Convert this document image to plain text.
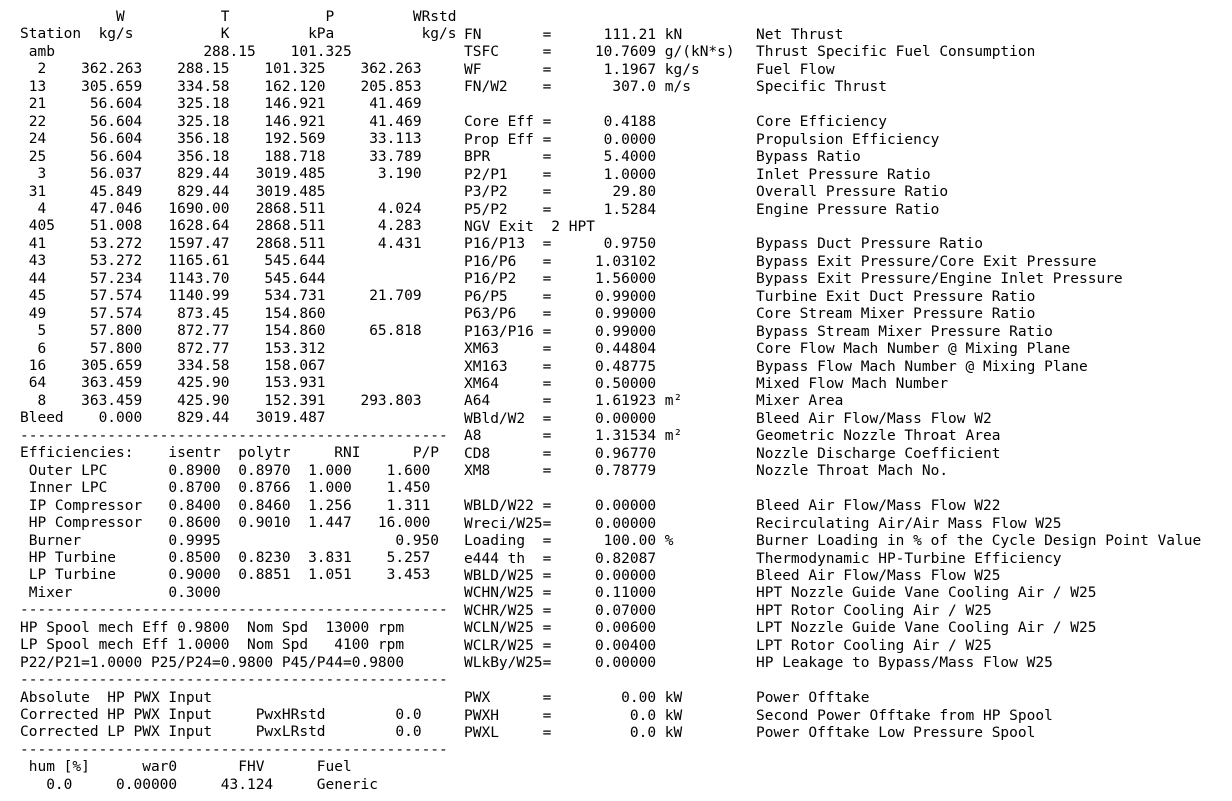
W           T           P         WRstd
Station  kg/s          K         kPa          kg/s
amb                 288.15    101.325
2    362.263    288.15    101.325    362.263
13    305.659    334.58    162.120    205.853
21     56.604    325.18    146.921     41.469
22     56.604    325.18    146.921     41.469
24     56.604    356.18    192.569     33.113
25     56.604    356.18    188.718     33.789
3     56.037    829.44   3019.485      3.190
31     45.849    829.44   3019.485
4     47.046   1690.00   2868.511      4.024
405    51.008   1628.64   2868.511      4.283
41     53.272   1597.47   2868.511      4.431
43     53.272   1165.61    545.644
44     57.234   1143.70    545.644
45     57.574   1140.99    534.731     21.709
49     57.574    873.45    154.860
5     57.800    872.77    154.860     65.818
6     57.800    872.77    153.312
16    305.659    334.58    158.067
64    363.459    425.90    153.931
8    363.459    425.90    152.391    293.803
Bleed    0.000    829.44   3019.487
-------------------------------------------------
Efficiencies:    isentr  polytr     RNI      P/P
Outer LPC       0.8900  0.8970  1.000    1.600
Inner LPC       0.8700  0.8766  1.000    1.450
IP Compressor   0.8400  0.8460  1.256    1.311
HP Compressor   0.8600  0.9010  1.447   16.000
Burner          0.9995                    0.950
HP Turbine      0.8500  0.8230  3.831    5.257
LP Turbine      0.9000  0.8851  1.051    3.453
Mixer           0.3000
-------------------------------------------------
HP Spool mech Eff 0.9800  Nom Spd  13000 rpm
LP Spool mech Eff 1.0000  Nom Spd   4100 rpm
P22/P21=1.0000 P25/P24=0.9800 P45/P44=0.9800
-------------------------------------------------
Absolute  HP PWX Input
Corrected HP PWX Input     PwxHRstd        0.0
Corrected LP PWX Input     PwxLRstd        0.0
-------------------------------------------------
hum [%]      war0       FHV      Fuel
0.0     0.00000     43.124     Generic
FN       =      111.21 kN
TSFC     =     10.7609 g/(kN*s)
WF       =      1.1967 kg/s
FN/W2    =       307.0 m/s
Core Eff =      0.4188
Prop Eff =      0.0000
BPR      =      5.4000
P2/P1    =      1.0000
P3/P2    =       29.80
P5/P2    =      1.5284
NGV Exit  2 HPT
P16/P13  =      0.9750
P16/P6   =     1.03102
P16/P2   =     1.56000
P6/P5    =     0.99000
P63/P6   =     0.99000
P163/P16 =     0.99000
XM63     =     0.44804
XM163    =     0.48775
XM64     =     0.50000
A64      =     1.61923 m²
WBld/W2  =     0.00000
A8       =     1.31534 m²
CD8      =     0.96770
XM8      =     0.78779
WBLD/W22 =     0.00000
Wreci/W25=     0.00000
Loading  =      100.00 %
e444 th  =     0.82087
WBLD/W25 =     0.00000
WCHN/W25 =     0.11000
WCHR/W25 =     0.07000
WCLN/W25 =     0.00600
WCLR/W25 =     0.00400
WLkBy/W25=     0.00000
PWX      =        0.00 kW
PWXH     =         0.0 kW
PWXL     =         0.0 kW
Net Thrust
Thrust Specific Fuel Consumption
Fuel Flow
Specific Thrust
Core Efficiency
Propulsion Efficiency
Bypass Ratio
Inlet Pressure Ratio
Overall Pressure Ratio
Engine Pressure Ratio
Bypass Duct Pressure Ratio
Bypass Exit Pressure/Core Exit Pressure
Bypass Exit Pressure/Engine Inlet Pressure
Turbine Exit Duct Pressure Ratio
Core Stream Mixer Pressure Ratio
Bypass Stream Mixer Pressure Ratio
Core Flow Mach Number @ Mixing Plane
Bypass Flow Mach Number @ Mixing Plane
Mixed Flow Mach Number
Mixer Area
Bleed Air Flow/Mass Flow W2
Geometric Nozzle Throat Area
Nozzle Discharge Coefficient
Nozzle Throat Mach No.
Bleed Air Flow/Mass Flow W22
Recirculating Air/Air Mass Flow W25
Burner Loading in % of the Cycle Design Point Value
Thermodynamic HP-Turbine Efficiency
Bleed Air Flow/Mass Flow W25
HPT Nozzle Guide Vane Cooling Air / W25
HPT Rotor Cooling Air / W25
LPT Nozzle Guide Vane Cooling Air / W25
LPT Rotor Cooling Air / W25
HP Leakage to Bypass/Mass Flow W25
Power Offtake
Second Power Offtake from HP Spool
Power Offtake Low Pressure Spool
